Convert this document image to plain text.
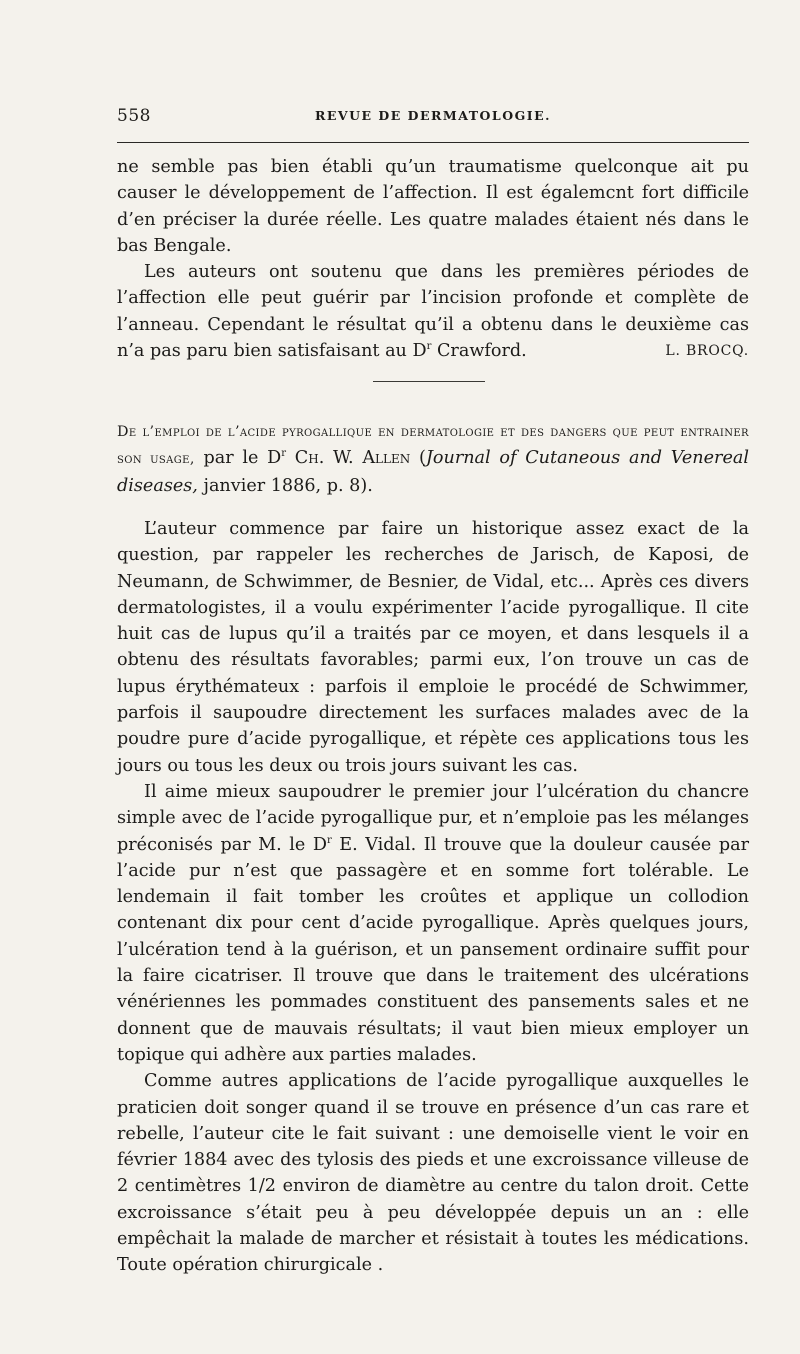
558	REVUE DE DERMATOLOGIE.

ne semble pas bien établi qu’un traumatisme quelconque ait pu causer le développement de l’affection. Il est égalemcnt fort difficile d’en préciser la durée réelle. Les quatre malades étaient nés dans le bas Bengale.

Les auteurs ont soutenu que dans les premières périodes de l’affection elle peut guérir par l’incision profonde et complète de l’anneau. Cependant le résultat qu’il a obtenu dans le deuxième cas n’a pas paru bien satisfaisant au $D^r$ Crawford.	L. BROCQ.

De l’emploi de l’acide pyrogallique en dermatologie et des dangers que peut entrainer son usage, par le $D^r$ Ch. W. Allen (Journal of Cutaneous and Venereal diseases, janvier 1886, p. 8).

L’auteur commence par faire un historique assez exact de la question, par rappeler les recherches de Jarisch, de Kaposi, de Neumann, de Schwimmer, de Besnier, de Vidal, etc... Après ces divers dermatologistes, il a voulu expérimenter l’acide pyrogallique. Il cite huit cas de lupus qu’il a traités par ce moyen, et dans lesquels il a obtenu des résultats favorables; parmi eux, l’on trouve un cas de lupus érythémateux : parfois il emploie le procédé de Schwimmer, parfois il saupoudre directement les surfaces malades avec de la poudre pure d’acide pyrogallique, et répète ces applications tous les jours ou tous les deux ou trois jours suivant les cas.

Il aime mieux saupoudrer le premier jour l’ulcération du chancre simple avec de l’acide pyrogallique pur, et n’emploie pas les mélanges préconisés par M. le $D^r$ E. Vidal. Il trouve que la douleur causée par l’acide pur n’est que passagère et en somme fort tolérable. Le lendemain il fait tomber les croûtes et applique un collodion contenant dix pour cent d’acide pyrogallique. Après quelques jours, l’ulcération tend à la guérison, et un pansement ordinaire suffit pour la faire cicatriser. Il trouve que dans le traitement des ulcérations vénériennes les pommades constituent des pansements sales et ne donnent que de mauvais résultats; il vaut bien mieux employer un topique qui adhère aux parties malades.

Comme autres applications de l’acide pyrogallique auxquelles le praticien doit songer quand il se trouve en présence d’un cas rare et rebelle, l’auteur cite le fait suivant : une demoiselle vient le voir en février 1884 avec des tylosis des pieds et une excroissance villeuse de 2 centimètres 1/2 environ de diamètre au centre du talon droit. Cette excroissance s’était peu à peu développée depuis un an : elle empêchait la malade de marcher et résistait à toutes les médications. Toute opération chirurgicale .
